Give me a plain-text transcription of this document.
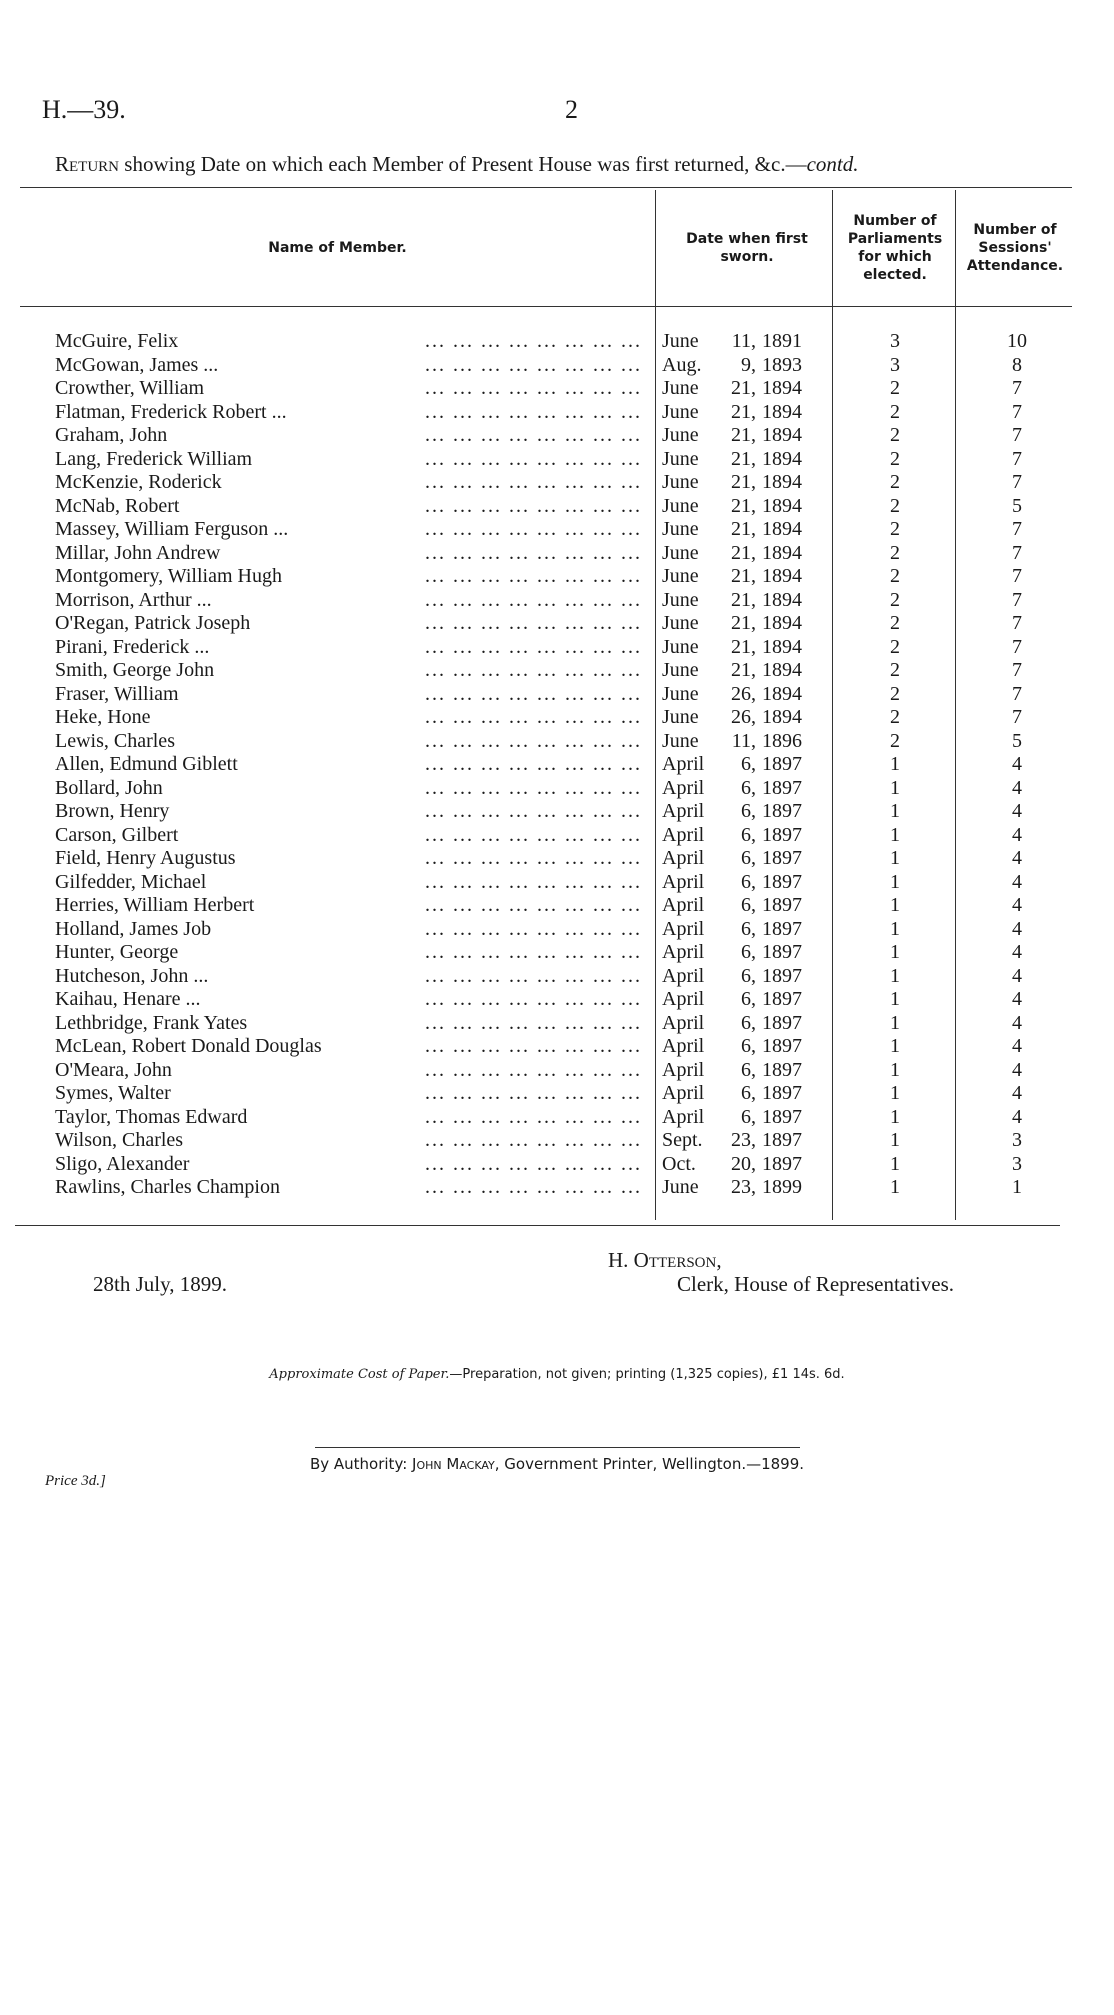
H.—39.	2
Return showing Date on which each Member of Present House was first returned, &c.—contd.
Name of Member.
Date when first sworn.
Number of Parliaments for which elected.
Number of Sessions' Attendance.
... ... ... ... ... ... ... ...
McGuire, Felix	June	11, 1891	3	10
... ... ... ... ... ... ... ...
McGowan, James ...	Aug.	9, 1893	3	8
... ... ... ... ... ... ... ...
Crowther, William	June	21, 1894	2	7
... ... ... ... ... ... ... ...
Flatman, Frederick Robert ...	June	21, 1894	2	7
... ... ... ... ... ... ... ...
Graham, John	June	21, 1894	2	7
... ... ... ... ... ... ... ...
Lang, Frederick William	June	21, 1894	2	7
... ... ... ... ... ... ... ...
McKenzie, Roderick	June	21, 1894	2	7
... ... ... ... ... ... ... ...
McNab, Robert	June	21, 1894	2	5
... ... ... ... ... ... ... ...
Massey, William Ferguson ...	June	21, 1894	2	7
... ... ... ... ... ... ... ...
Millar, John Andrew	June	21, 1894	2	7
... ... ... ... ... ... ... ...
Montgomery, William Hugh	June	21, 1894	2	7
... ... ... ... ... ... ... ...
Morrison, Arthur ...	June	21, 1894	2	7
... ... ... ... ... ... ... ...
O'Regan, Patrick Joseph	June	21, 1894	2	7
... ... ... ... ... ... ... ...
Pirani, Frederick ...	June	21, 1894	2	7
... ... ... ... ... ... ... ...
Smith, George John	June	21, 1894	2	7
... ... ... ... ... ... ... ...
Fraser, William	June	26, 1894	2	7
... ... ... ... ... ... ... ...
Heke, Hone	June	26, 1894	2	7
... ... ... ... ... ... ... ...
Lewis, Charles	June	11, 1896	2	5
... ... ... ... ... ... ... ...
Allen, Edmund Giblett	April	6, 1897	1	4
... ... ... ... ... ... ... ...
Bollard, John	April	6, 1897	1	4
... ... ... ... ... ... ... ...
Brown, Henry	April	6, 1897	1	4
... ... ... ... ... ... ... ...
Carson, Gilbert	April	6, 1897	1	4
... ... ... ... ... ... ... ...
Field, Henry Augustus	April	6, 1897	1	4
... ... ... ... ... ... ... ...
Gilfedder, Michael	April	6, 1897	1	4
... ... ... ... ... ... ... ...
Herries, William Herbert	April	6, 1897	1	4
... ... ... ... ... ... ... ...
Holland, James Job	April	6, 1897	1	4
... ... ... ... ... ... ... ...
Hunter, George	April	6, 1897	1	4
... ... ... ... ... ... ... ...
Hutcheson, John ...	April	6, 1897	1	4
... ... ... ... ... ... ... ...
Kaihau, Henare ...	April	6, 1897	1	4
... ... ... ... ... ... ... ...
Lethbridge, Frank Yates	April	6, 1897	1	4
... ... ... ... ... ... ... ...
McLean, Robert Donald Douglas	April	6, 1897	1	4
... ... ... ... ... ... ... ...
O'Meara, John	April	6, 1897	1	4
... ... ... ... ... ... ... ...
Symes, Walter	April	6, 1897	1	4
... ... ... ... ... ... ... ...
Taylor, Thomas Edward	April	6, 1897	1	4
... ... ... ... ... ... ... ...
Wilson, Charles	Sept.	23, 1897	1	3
... ... ... ... ... ... ... ...
Sligo, Alexander	Oct.	20, 1897	1	3
... ... ... ... ... ... ... ...
Rawlins, Charles Champion	June	23, 1899	1	1
28th July, 1899.
H. Otterson,
Clerk, House of Representatives.
Approximate Cost of Paper.—Preparation, not given; printing (1,325 copies), £1 14s. 6d.
By Authority: John Mackay, Government Printer, Wellington.—1899.
Price 3d.]
